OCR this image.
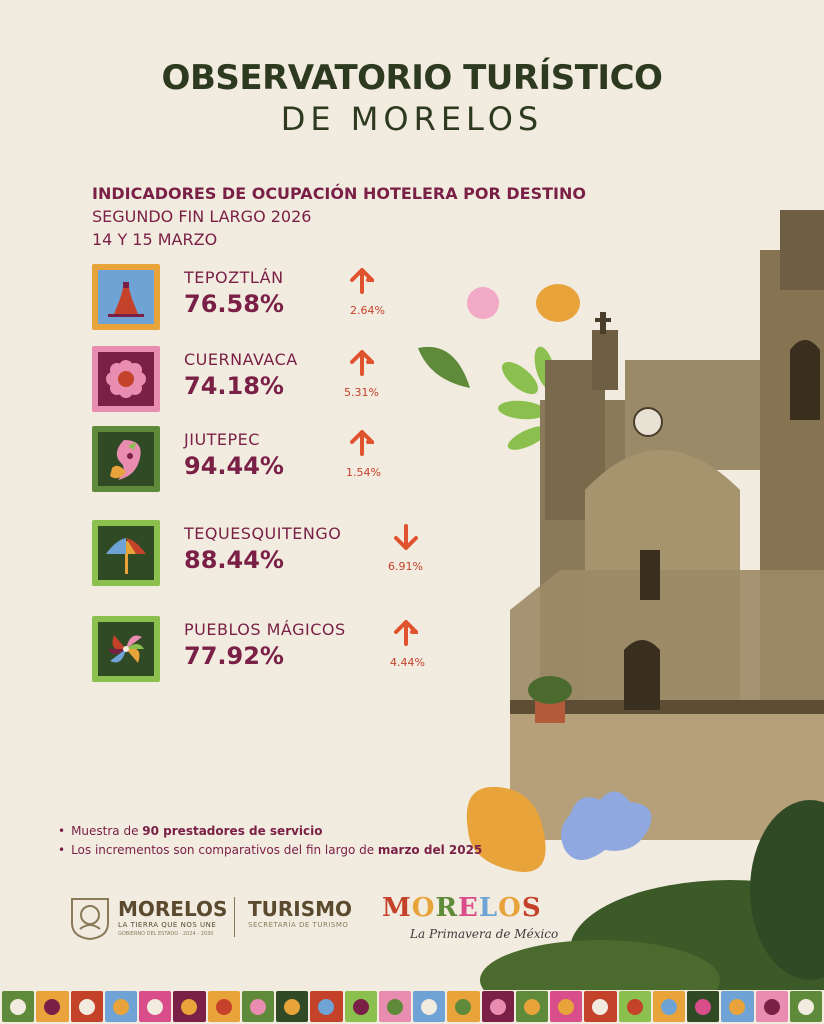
OBSERVATORIO TURÍSTICO
DE MORELOS
INDICADORES DE OCUPACIÓN HOTELERA POR DESTINO
SEGUNDO FIN LARGO 2026
14 Y 15 MARZO
TEPOZTLÁN
76.58%	2.64%
CUERNAVACA
74.18%	5.31%
JIUTEPEC
94.44%	1.54%
TEQUESQUITENGO
88.44%	6.91%
PUEBLOS MÁGICOS
77.92%	4.44%
• Muestra de 90 prestadores de servicio
• Los incrementos son comparativos del fin largo de marzo del 2025
MORELOS
LA TIERRA QUE NOS UNE
GOBIERNO DEL ESTADO · 2024 - 2030
TURISMO
SECRETARÍA DE TURISMO
MORELOS
La Primavera de México
